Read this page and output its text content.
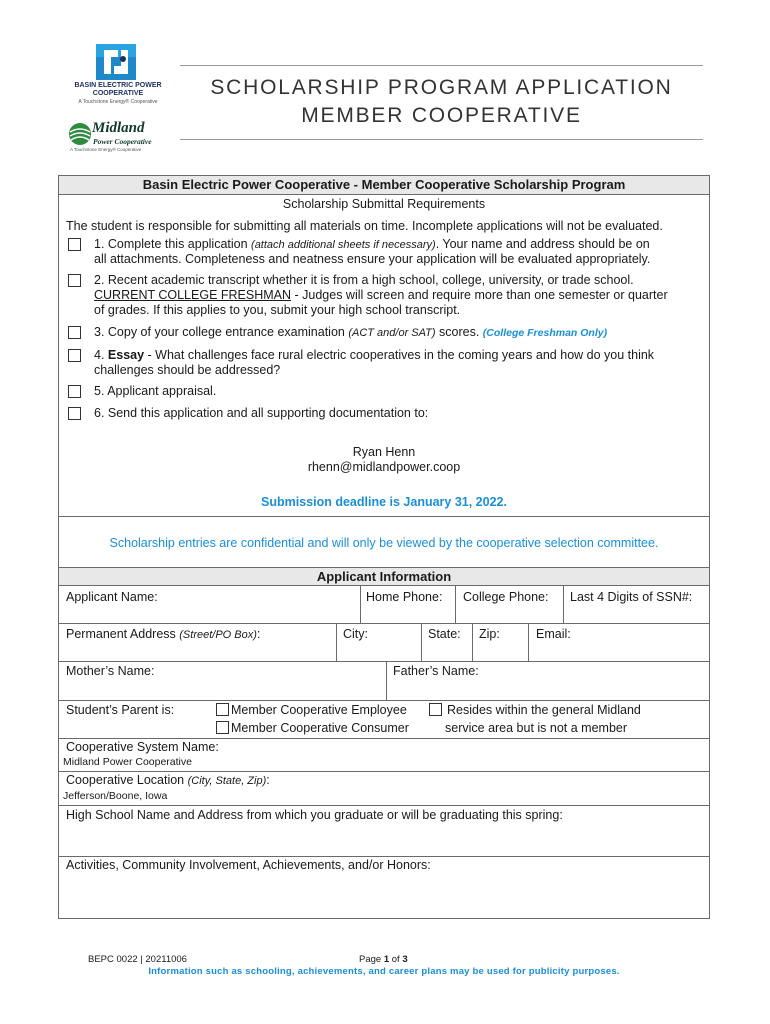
BASIN ELECTRIC POWER COOPERATIVE
A Touchstone Energy® Cooperative
Midland
Power Cooperative
A Touchstone Energy® Cooperative
SCHOLARSHIP PROGRAM APPLICATION
MEMBER COOPERATIVE
Basin Electric Power Cooperative - Member Cooperative Scholarship Program
Scholarship Submittal Requirements
The student is responsible for submitting all materials on time. Incomplete applications will not be evaluated.
1. Complete this application (attach additional sheets if necessary). Your name and address should be on
all attachments. Completeness and neatness ensure your application will be evaluated appropriately.
2. Recent academic transcript whether it is from a high school, college, university, or trade school.
CURRENT COLLEGE FRESHMAN - Judges will screen and require more than one semester or quarter
of grades. If this applies to you, submit your high school transcript.
3. Copy of your college entrance examination (ACT and/or SAT) scores. (College Freshman Only)
4. Essay - What challenges face rural electric cooperatives in the coming years and how do you think
challenges should be addressed?
5. Applicant appraisal.
6. Send this application and all supporting documentation to:
Ryan Henn
rhenn@midlandpower.coop
Submission deadline is January 31, 2022.
Scholarship entries are confidential and will only be viewed by the cooperative selection committee.
Applicant Information
Applicant Name:	Home Phone: College Phone: Last 4 Digits of SSN#:
Permanent Address (Street/PO Box):	City:	State: Zip:	Email:
Mother’s Name:	Father’s Name:
Student’s Parent is:	Member Cooperative Employee
Member Cooperative Consumer
Resides within the general Midland
service area but is not a member
Cooperative System Name:
Midland Power Cooperative
Cooperative Location (City, State, Zip):
Jefferson/Boone, Iowa
High School Name and Address from which you graduate or will be graduating this spring:
Activities, Community Involvement, Achievements, and/or Honors:
BEPC 0022 | 20211006	Page 1 of 3
Information such as schooling, achievements, and career plans may be used for publicity purposes.
